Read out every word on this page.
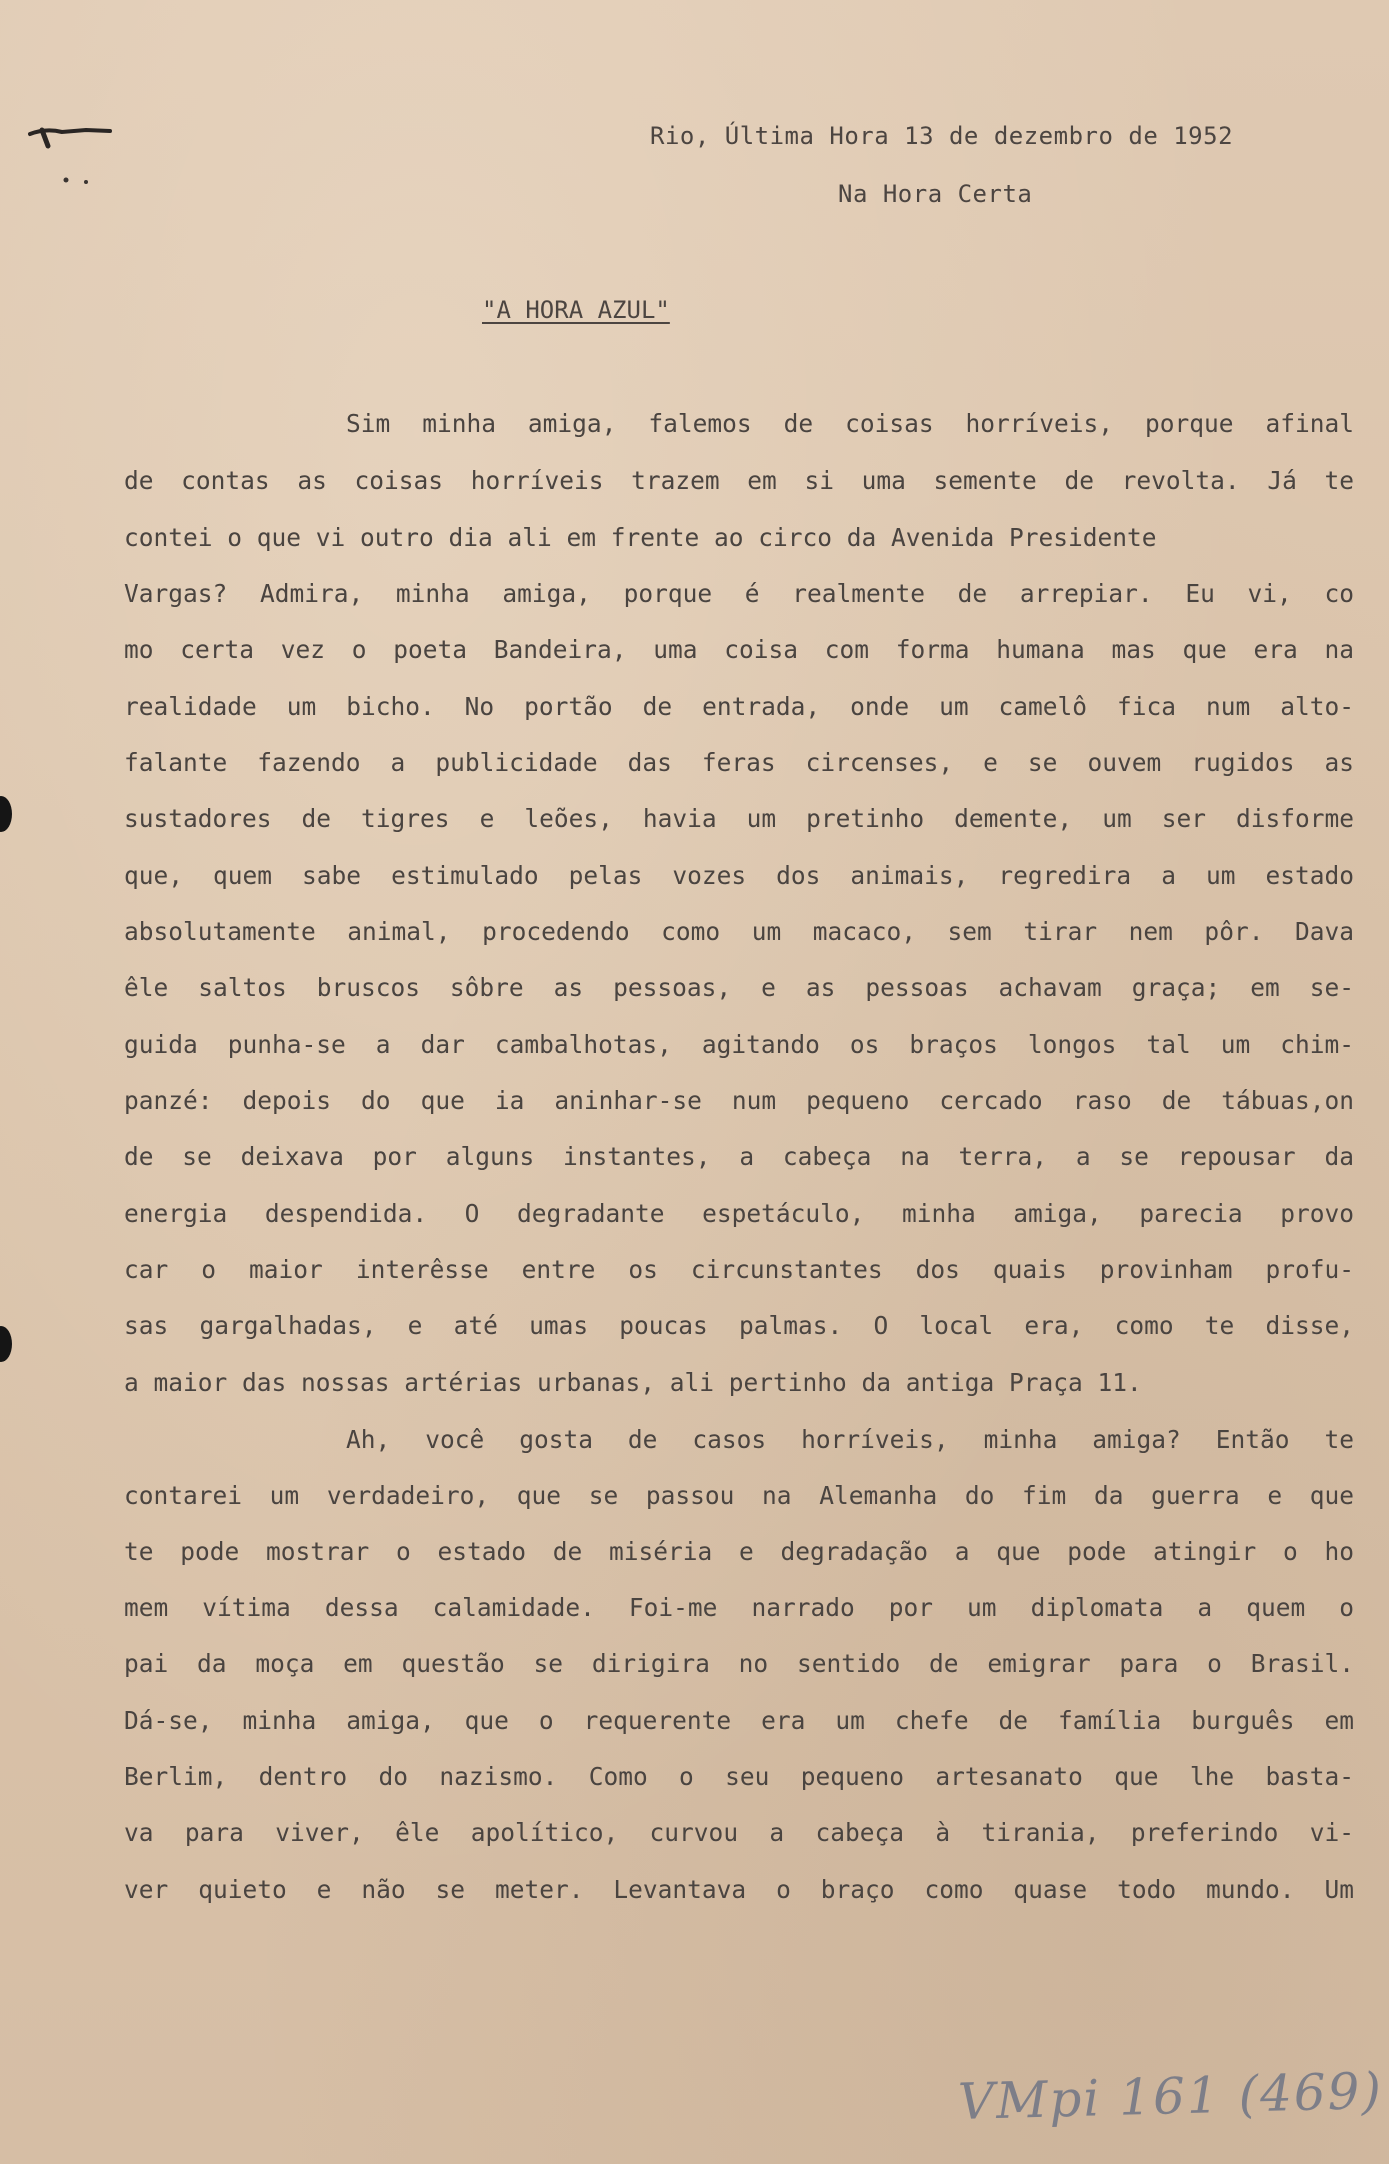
Rio, Última Hora 13 de dezembro de 1952
Na Hora Certa
"A HORA AZUL"
Sim minha amiga, falemos de coisas horríveis, porque afinal
de contas as coisas horríveis trazem em si uma semente de revolta. Já te
contei o que vi outro dia ali em frente ao circo da Avenida Presidente
Vargas? Admira, minha amiga, porque é realmente de arrepiar. Eu vi, co
mo certa vez o poeta Bandeira, uma coisa com forma humana mas que era na
realidade um bicho. No portão de entrada, onde um camelô fica num alto-
falante fazendo a publicidade das feras circenses, e se ouvem rugidos as
sustadores de tigres e leões, havia um pretinho demente, um ser disforme
que, quem sabe estimulado pelas vozes dos animais, regredira a um estado
absolutamente animal, procedendo como um macaco, sem tirar nem pôr. Dava
êle saltos bruscos sôbre as pessoas, e as pessoas achavam graça; em se-
guida punha-se a dar cambalhotas, agitando os braços longos tal um chim-
panzé: depois do que ia aninhar-se num pequeno cercado raso de tábuas,on
de se deixava por alguns instantes, a cabeça na terra, a se repousar da
energia despendida. O degradante espetáculo, minha amiga, parecia provo
car o maior interêsse entre os circunstantes dos quais provinham profu-
sas gargalhadas, e até umas poucas palmas. O local era, como te disse,
a maior das nossas artérias urbanas, ali pertinho da antiga Praça 11.
Ah, você gosta de casos horríveis, minha amiga? Então te
contarei um verdadeiro, que se passou na Alemanha do fim da guerra e que
te pode mostrar o estado de miséria e degradação a que pode atingir o ho
mem vítima dessa calamidade. Foi-me narrado por um diplomata a quem o
pai da moça em questão se dirigira no sentido de emigrar para o Brasil.
Dá-se, minha amiga, que o requerente era um chefe de família burguês em
Berlim, dentro do nazismo. Como o seu pequeno artesanato que lhe basta-
va para viver, êle apolítico, curvou a cabeça à tirania, preferindo vi-
ver quieto e não se meter. Levantava o braço como quase todo mundo. Um
VMpi 161 (469)
